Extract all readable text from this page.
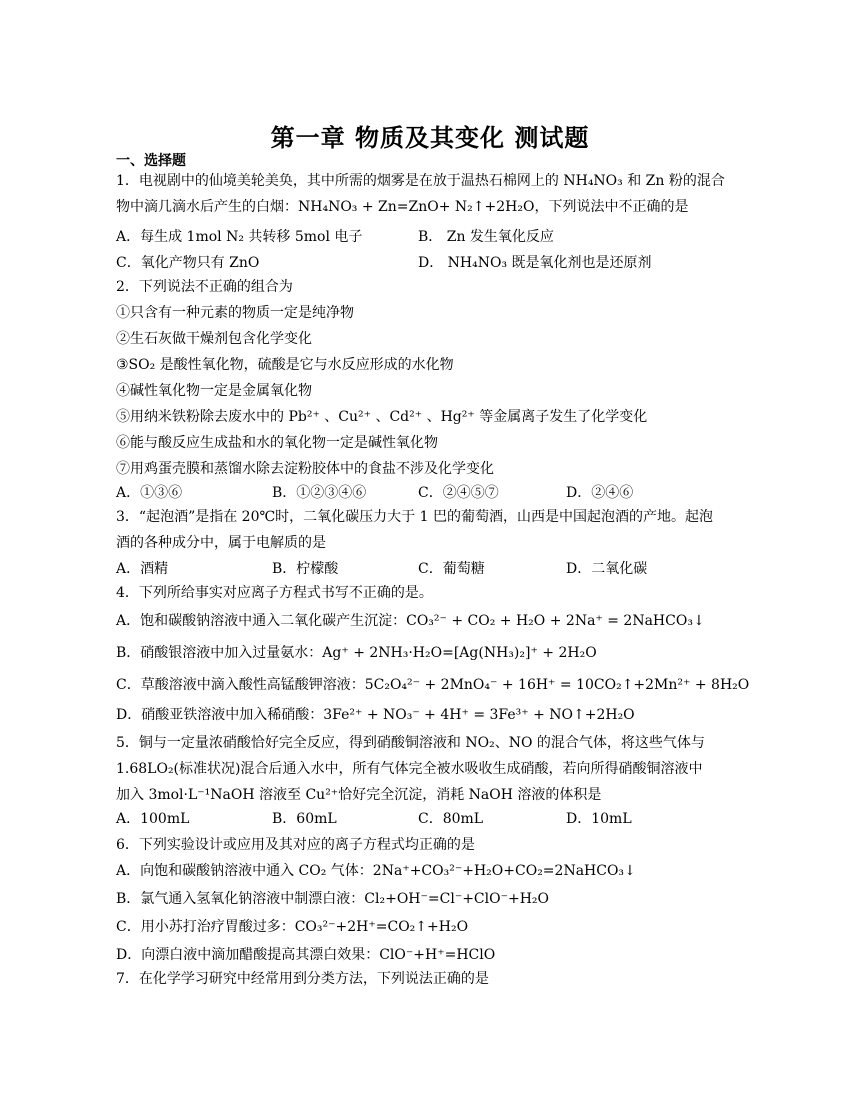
第一章 物质及其变化 测试题
一、选择题
1．电视剧中的仙境美轮美奂，其中所需的烟雾是在放于温热石棉网上的 NH₄NO₃ 和 Zn 粉的混合
物中滴几滴水后产生的白烟：NH₄NO₃ + Zn=ZnO+ N₂↑+2H₂O，下列说法中不正确的是
A．每生成 1mol N₂ 共转移 5mol 电子	B． Zn 发生氧化反应
C．氧化产物只有 ZnO	D． NH₄NO₃ 既是氧化剂也是还原剂
2．下列说法不正确的组合为
①只含有一种元素的物质一定是纯净物
②生石灰做干燥剂包含化学变化
③SO₂ 是酸性氧化物，硫酸是它与水反应形成的水化物
④碱性氧化物一定是金属氧化物
⑤用纳米铁粉除去废水中的 Pb²⁺ 、Cu²⁺ 、Cd²⁺ 、Hg²⁺ 等金属离子发生了化学变化
⑥能与酸反应生成盐和水的氧化物一定是碱性氧化物
⑦用鸡蛋壳膜和蒸馏水除去淀粉胶体中的食盐不涉及化学变化
A．①③⑥	B．①②③④⑥	C．②④⑤⑦	D．②④⑥
3．“起泡酒”是指在 20℃时，二氧化碳压力大于 1 巴的葡萄酒，山西是中国起泡酒的产地。起泡
酒的各种成分中，属于电解质的是
A．酒精	B．柠檬酸	C．葡萄糖	D．二氧化碳
4．下列所给事实对应离子方程式书写不正确的是。
A．饱和碳酸钠溶液中通入二氧化碳产生沉淀：CO₃²⁻ + CO₂ + H₂O + 2Na⁺ = 2NaHCO₃↓
B．硝酸银溶液中加入过量氨水：Ag⁺ + 2NH₃·H₂O=[Ag(NH₃)₂]⁺ + 2H₂O
C．草酸溶液中滴入酸性高锰酸钾溶液：5C₂O₄²⁻ + 2MnO₄⁻ + 16H⁺ = 10CO₂↑+2Mn²⁺ + 8H₂O
D．硝酸亚铁溶液中加入稀硝酸：3Fe²⁺ + NO₃⁻ + 4H⁺ = 3Fe³⁺ + NO↑+2H₂O
5．铜与一定量浓硝酸恰好完全反应，得到硝酸铜溶液和 NO₂、NO 的混合气体，将这些气体与
1.68LO₂(标准状况)混合后通入水中，所有气体完全被水吸收生成硝酸，若向所得硝酸铜溶液中
加入 3mol·L⁻¹NaOH 溶液至 Cu²⁺恰好完全沉淀，消耗 NaOH 溶液的体积是
A．100mL	B．60mL	C．80mL	D．10mL
6．下列实验设计或应用及其对应的离子方程式均正确的是
A．向饱和碳酸钠溶液中通入 CO₂ 气体：2Na⁺+CO₃²⁻+H₂O+CO₂=2NaHCO₃↓
B．氯气通入氢氧化钠溶液中制漂白液：Cl₂+OH⁻=Cl⁻+ClO⁻+H₂O
C．用小苏打治疗胃酸过多：CO₃²⁻+2H⁺=CO₂↑+H₂O
D．向漂白液中滴加醋酸提高其漂白效果：ClO⁻+H⁺=HClO
7．在化学学习研究中经常用到分类方法，下列说法正确的是
